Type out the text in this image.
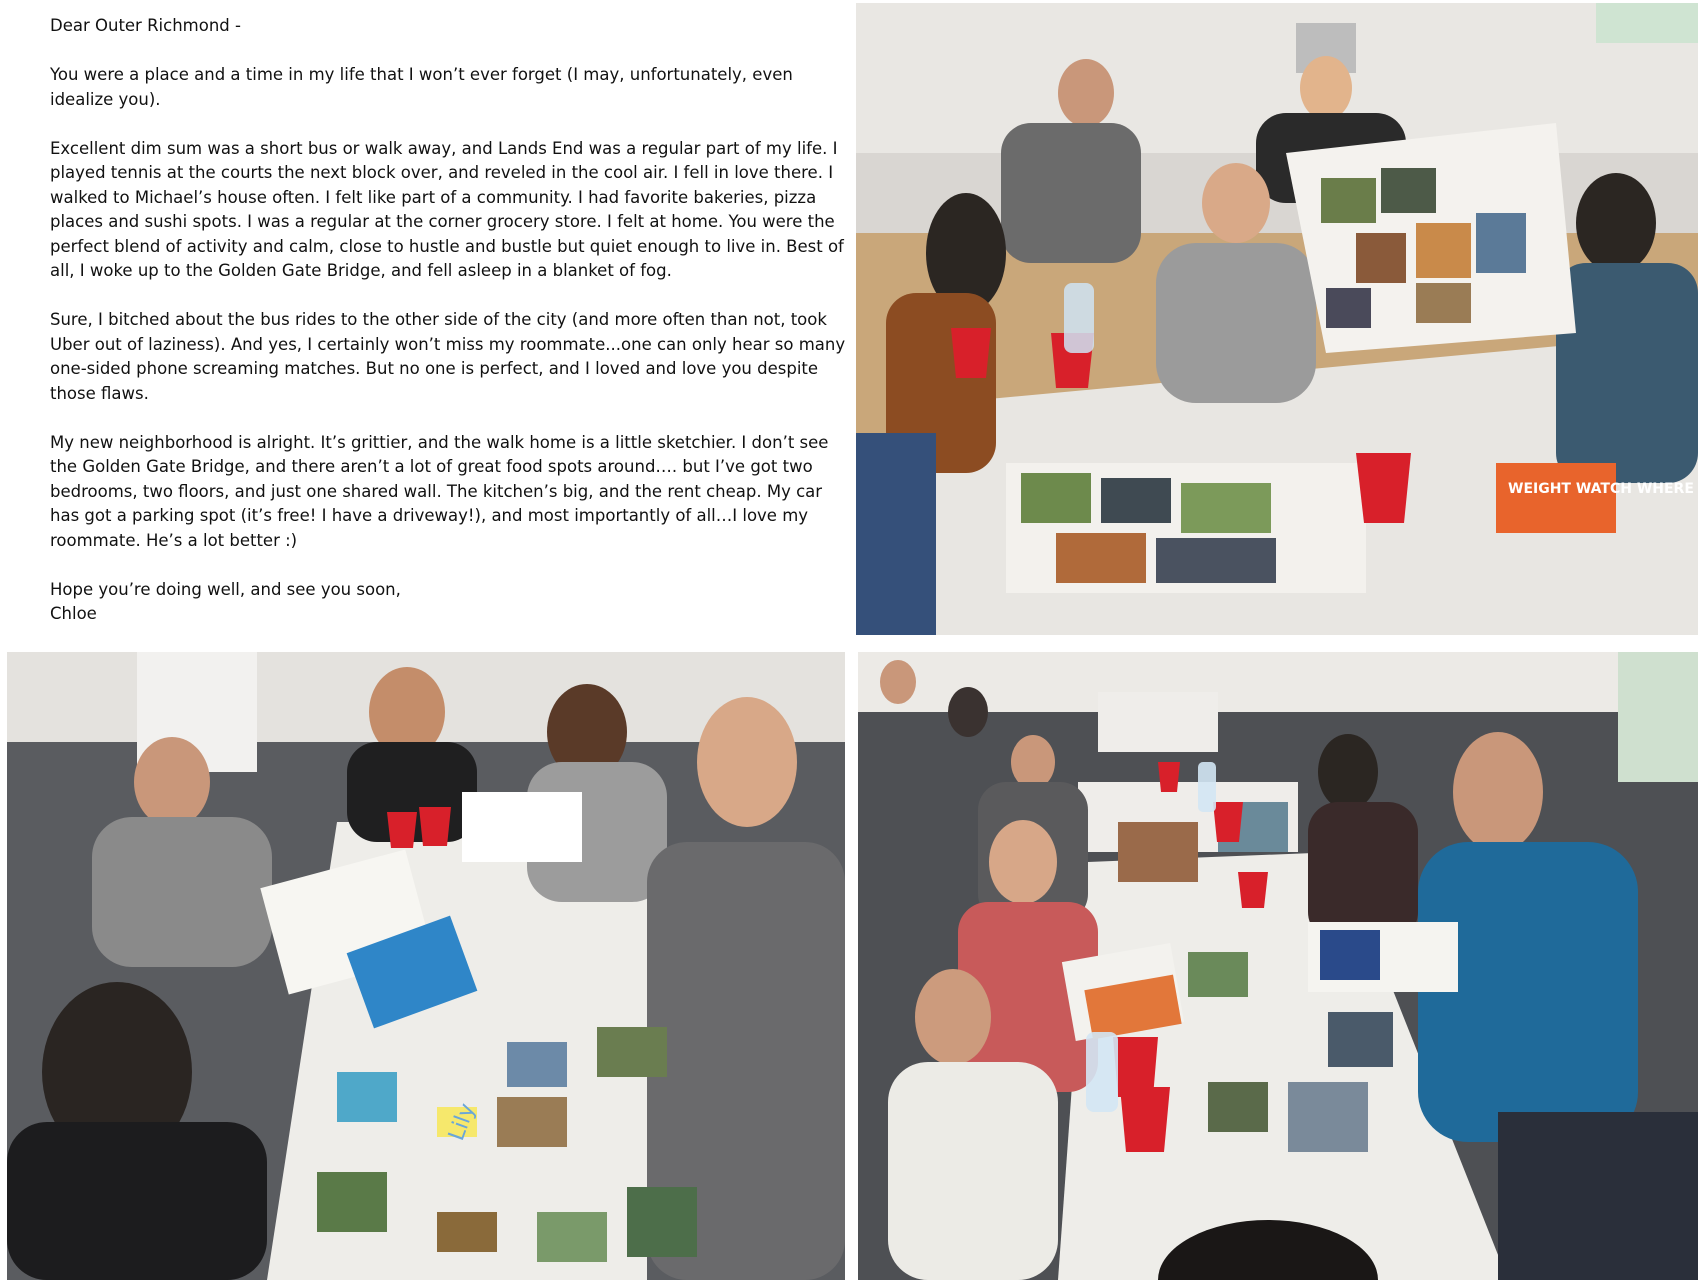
Dear Outer Richmond -

You were a place and a time in my life that I won’t ever forget (I may, unfortunately, even idealize you).

Excellent dim sum was a short bus or walk away, and Lands End was a regular part of my life. I played tennis at the courts the next block over, and reveled in the cool air. I fell in love there. I walked to Michael’s house often. I felt like part of a community. I had favorite bakeries, pizza places and sushi spots. I was a regular at the corner grocery store. I felt at home. You were the perfect blend of activity and calm, close to hustle and bustle but quiet enough to live in. Best of all, I woke up to the Golden Gate Bridge, and fell asleep in a blanket of fog.

Sure, I bitched about the bus rides to the other side of the city (and more often than not, took Uber out of laziness). And yes, I certainly won’t miss my roommate...one can only hear so many one-sided phone screaming matches. But no one is perfect, and I loved and love you despite those flaws.

My new neighborhood is alright. It’s grittier, and the walk home is a little sketchier. I don’t see the Golden Gate Bridge, and there aren’t a lot of great food spots around…. but I’ve got two bedrooms, two floors, and just one shared wall. The kitchen’s big, and the rent cheap. My car has got a parking spot (it’s free! I have a driveway!), and most importantly of all…I love my roommate. He’s a lot better :)

Hope you’re doing well, and see you soon,

Chloe

WEIGHT WATCH WHERE
Lily
